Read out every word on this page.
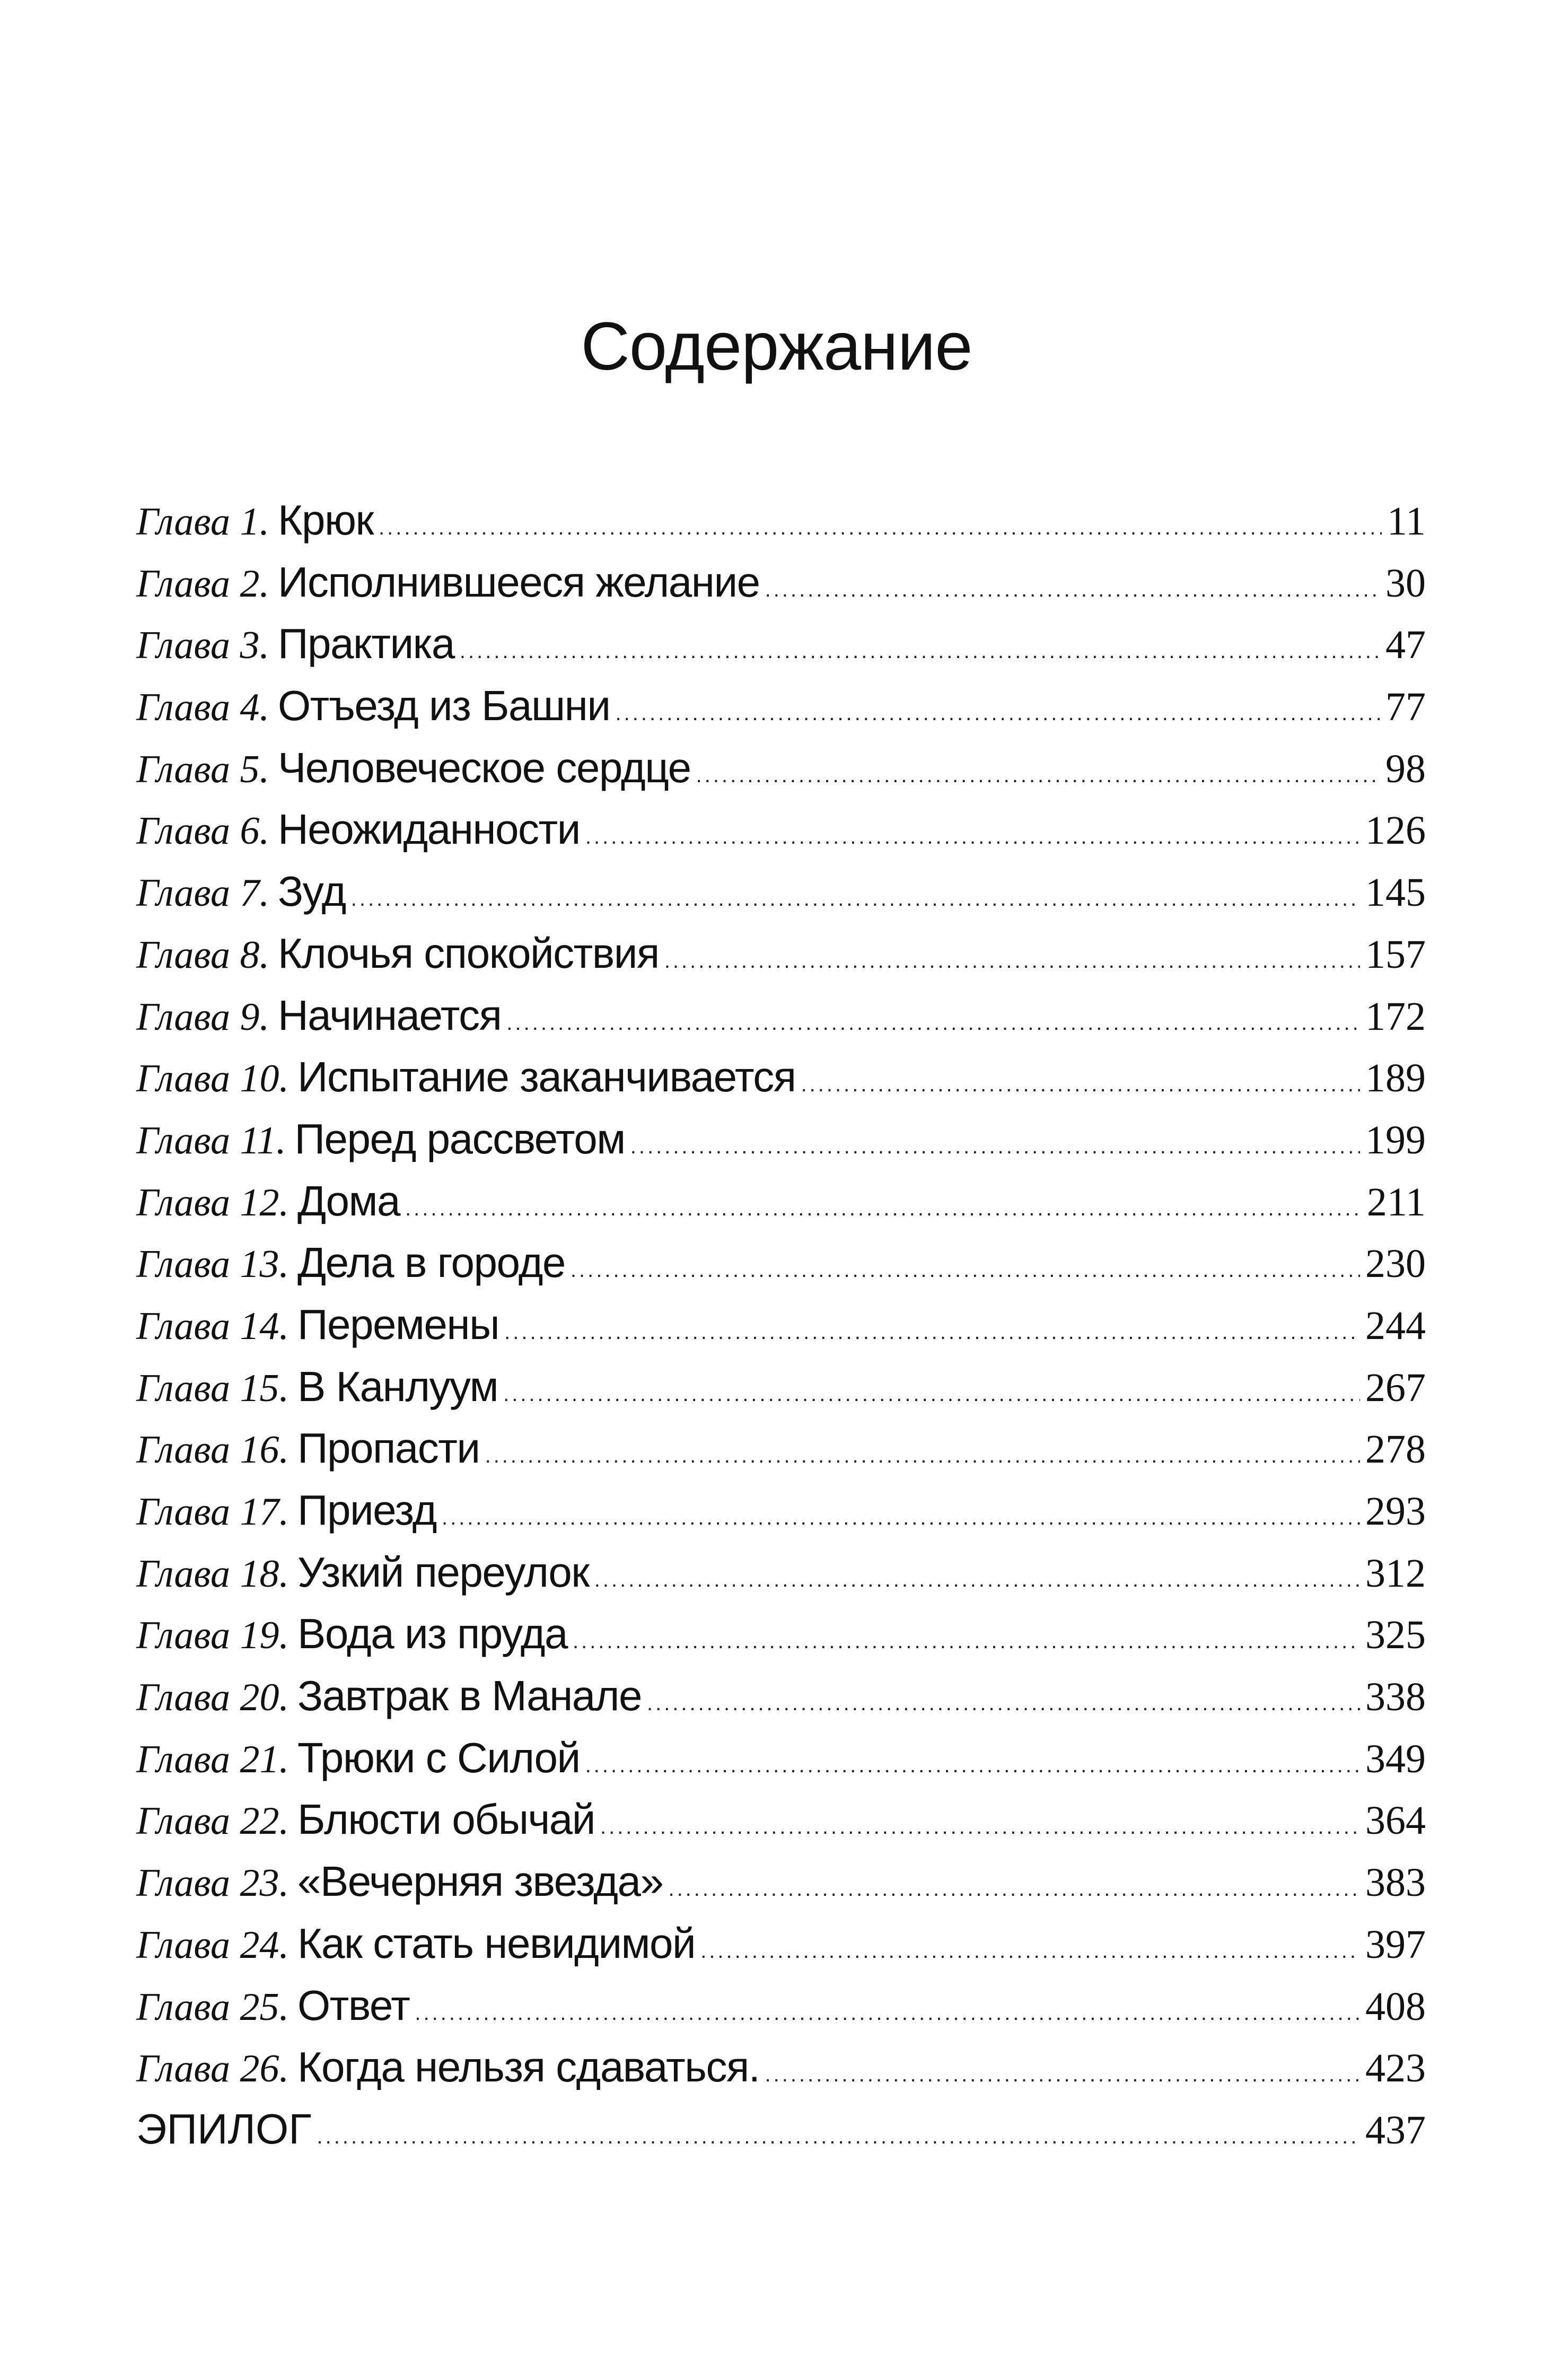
Содержание
Глава 1. Крюк .....	11
Глава 2. Исполнившееся желание .....	30
Глава 3. Практика .....	47
Глава 4. Отъезд из Башни .....	77
Глава 5. Человеческое сердце .....	98
Глава 6. Неожиданности .....	126
Глава 7. Зуд .....	145
Глава 8. Клочья спокойствия .....	157
Глава 9. Начинается .....	172
Глава 10. Испытание заканчивается .....	189
Глава 11. Перед рассветом .....	199
Глава 12. Дома .....	211
Глава 13. Дела в городе .....	230
Глава 14. Перемены .....	244
Глава 15. В Канлуум .....	267
Глава 16. Пропасти .....	278
Глава 17. Приезд .....	293
Глава 18. Узкий переулок .....	312
Глава 19. Вода из пруда .....	325
Глава 20. Завтрак в Манале .....	338
Глава 21. Трюки с Силой .....	349
Глава 22. Блюсти обычай .....	364
Глава 23. «Вечерняя звезда» .....	383
Глава 24. Как стать невидимой .....	397
Глава 25. Ответ .....	408
Глава 26. Когда нельзя сдаваться. .....	423
ЭПИЛОГ .....	437
